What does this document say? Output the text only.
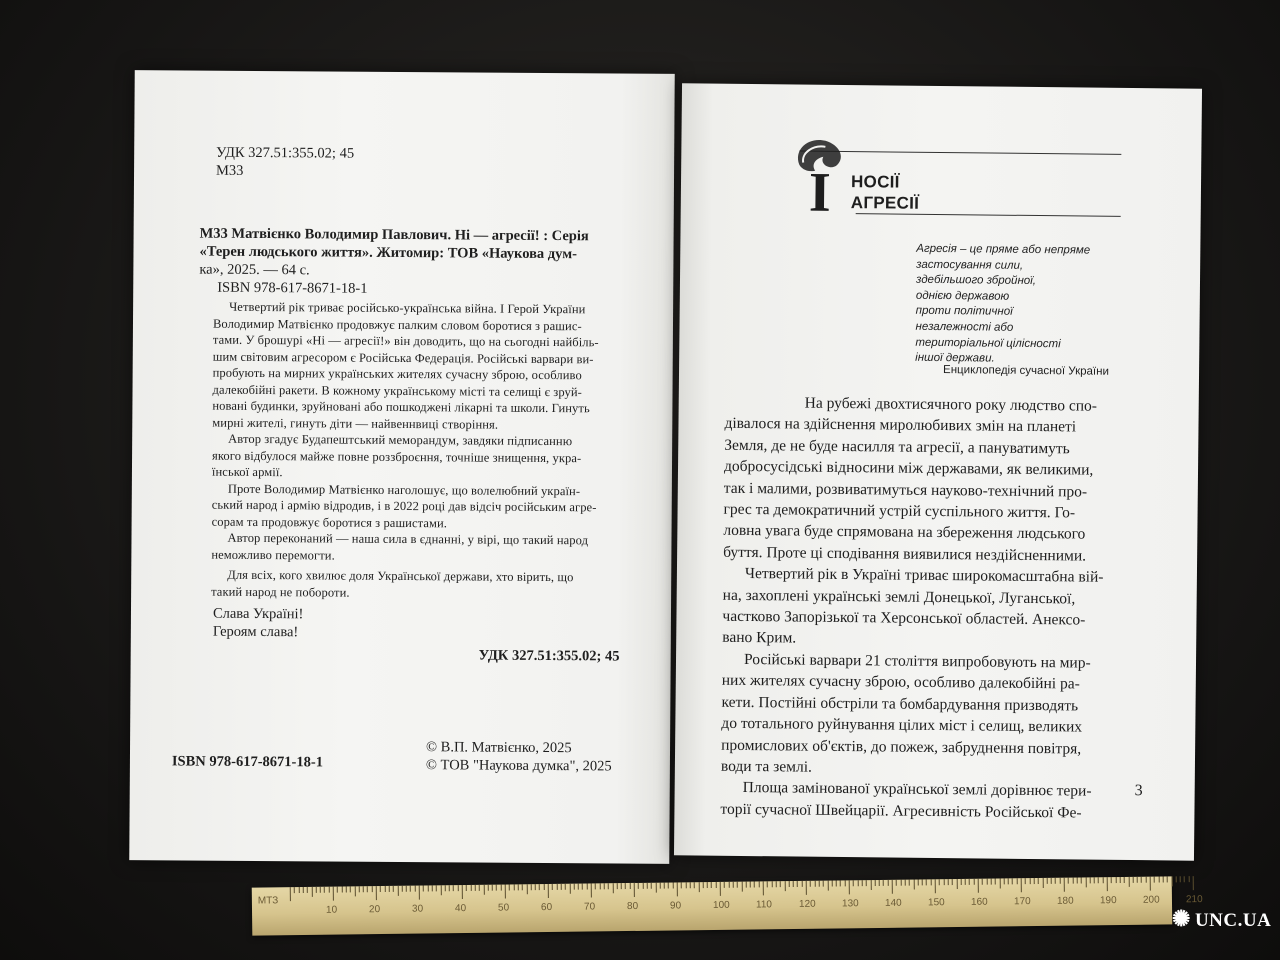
УДК 327.51:355.02; 45
М33
М33 Матвієнко Володимир Павлович. Ні — агресії! : Серія
«Терен людського життя». Житомир: ТОВ «Наукова дум-
ка», 2025. — 64 с.
ISBN 978-617-8671-18-1
Четвертий рік триває російсько-українська війна. І Герой України
Володимир Матвієнко продовжує палким словом боротися з рашис-
тами. У брошурі «Ні — агресії!» він доводить, що на сьогодні найбіль-
шим світовим агресором є Російська Федерація. Російські варвари ви-
пробують на мирних українських жителях сучасну зброю, особливо
далекобійні ракети. В кожному українському місті та селищі є зруй-
новані будинки, зруйновані або пошкоджені лікарні та школи. Гинуть
мирні жителі, гинуть діти — найвеннвиці створіння.
Автор згадує Будапештський меморандум, завдяки підписанню
якого відбулося майже повне роззброєння, точніше знищення, укра-
їнської армії.
Проте Володимир Матвієнко наголошує, що волелюбний україн-
ський народ і армію відродив, і в 2022 році дав відсіч російським агре-
сорам та продовжує боротися з рашистами.
Автор переконаний — наша сила в єднанні, у вірі, що такий народ
неможливо перемогти.
Для всіх, кого хвилює доля Української держави, хто вірить, що
такий народ не побороти.
Слава Україні!
Героям слава!
УДК 327.51:355.02; 45
ISBN 978-617-8671-18-1
© В.П. Матвієнко, 2025
© ТОВ "Наукова думка", 2025
I НОСІЇ
АГРЕСІЇ
Агресія – це пряме або непряме
застосування сили,
здебільшого збройної,
однією державою
проти політичної
незалежності або
територіальної цілісності
іншої держави.
Енциклопедія сучасної України
На рубежі двохтисячного року людство спо-
дівалося на здійснення миролюбивих змін на планеті
Земля, де не буде насилля та агресії, а пануватимуть
добросусідські відносини між державами, як великими,
так і малими, розвиватимуться науково-технічний про-
грес та демократичний устрій суспільного життя. Го-
ловна увага буде спрямована на збереження людського
буття. Проте ці сподівання виявилися нездійсненними.
Четвертий рік в Україні триває широкомасштабна вій-
на, захоплені українські землі Донецької, Луганської,
частково Запорізької та Херсонської областей. Анексо-
вано Крим.
Російські варвари 21 століття випробовують на мир-
них жителях сучасну зброю, особливо далекобійні ра-
кети. Постійні обстріли та бомбардування призводять
до тотального руйнування цілих міст і селищ, великих
промислових об'єктів, до пожеж, забруднення повітря,
води та землі.
Площа замінованої української землі дорівнює тери-
торії сучасної Швейцарії. Агресивність Російської Фе-
3
МТЗ
10	20	30	40	50	60	70	80	90	100	110	120	130	140	150	160	170	180	190	200	210
✺ UNC.UA
